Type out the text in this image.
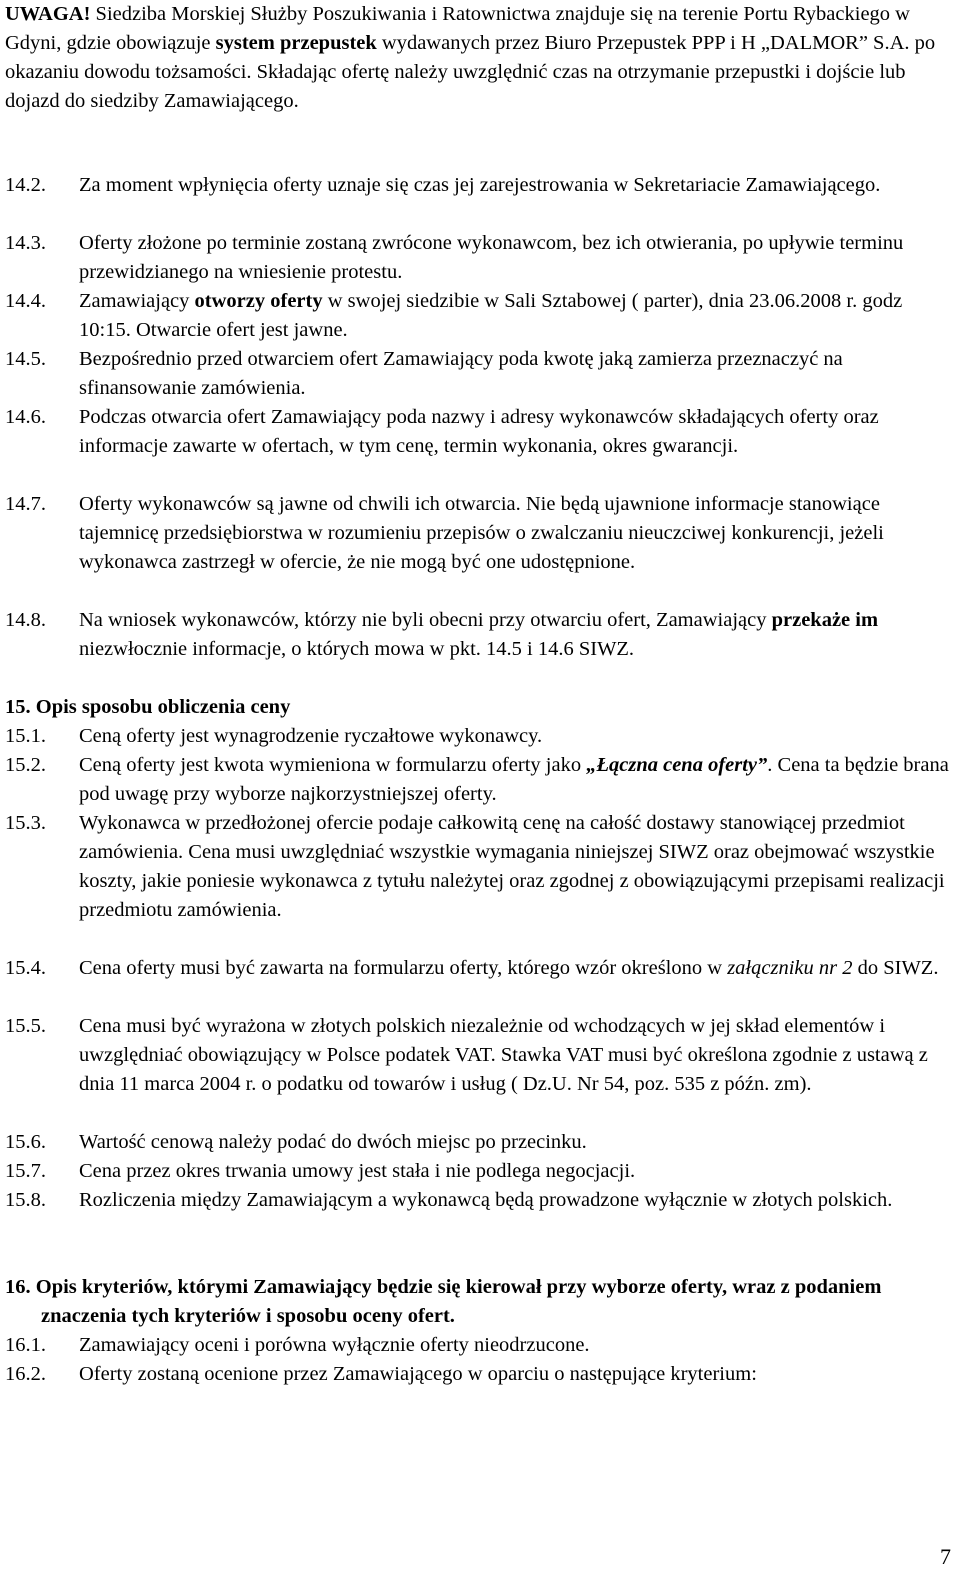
UWAGA! Siedziba Morskiej Służby Poszukiwania i Ratownictwa znajduje się na terenie Portu Rybackiego w Gdyni, gdzie obowiązuje system przepustek wydawanych przez Biuro Przepustek PPP i H „DALMOR” S.A. po okazaniu dowodu tożsamości. Składając ofertę należy uwzględnić czas na otrzymanie przepustki i dojście lub dojazd do siedziby Zamawiającego.

14.2. Za moment wpłynięcia oferty uznaje się czas jej zarejestrowania w Sekretariacie Zamawiającego.
14.3. Oferty złożone po terminie zostaną zwrócone wykonawcom, bez ich otwierania, po upływie terminu przewidzianego na wniesienie protestu.
14.4. Zamawiający otworzy oferty w swojej siedzibie w Sali Sztabowej ( parter), dnia 23.06.2008 r. godz 10:15. Otwarcie ofert jest jawne.
14.5. Bezpośrednio przed otwarciem ofert Zamawiający poda kwotę jaką zamierza przeznaczyć na sfinansowanie zamówienia.
14.6. Podczas otwarcia ofert Zamawiający poda nazwy i adresy wykonawców składających oferty oraz informacje zawarte w ofertach, w tym cenę, termin wykonania, okres gwarancji.
14.7. Oferty wykonawców są jawne od chwili ich otwarcia. Nie będą ujawnione informacje stanowiące tajemnicę przedsiębiorstwa w rozumieniu przepisów o zwalczaniu nieuczciwej konkurencji, jeżeli wykonawca zastrzegł w ofercie, że nie mogą być one udostępnione.
14.8. Na wniosek wykonawców, którzy nie byli obecni przy otwarciu ofert, Zamawiający przekaże im niezwłocznie informacje, o których mowa w pkt. 14.5 i 14.6 SIWZ.
15. Opis sposobu obliczenia ceny
15.1. Ceną oferty jest wynagrodzenie ryczałtowe wykonawcy.
15.2. Ceną oferty jest kwota wymieniona w formularzu oferty jako „Łączna cena oferty”. Cena ta będzie brana pod uwagę przy wyborze najkorzystniejszej oferty.
15.3. Wykonawca w przedłożonej ofercie podaje całkowitą cenę na całość dostawy stanowiącej przedmiot zamówienia. Cena musi uwzględniać wszystkie wymagania niniejszej SIWZ oraz obejmować wszystkie koszty, jakie poniesie wykonawca z tytułu należytej oraz zgodnej z obowiązującymi przepisami realizacji przedmiotu zamówienia.
15.4. Cena oferty musi być zawarta na formularzu oferty, którego wzór określono w załączniku nr 2 do SIWZ.
15.5. Cena musi być wyrażona w złotych polskich niezależnie od wchodzących w jej skład elementów i uwzględniać obowiązujący w Polsce podatek VAT. Stawka VAT musi być określona zgodnie z ustawą z dnia 11 marca 2004 r. o podatku od towarów i usług ( Dz.U. Nr 54, poz. 535 z późn. zm).
15.6. Wartość cenową należy podać do dwóch miejsc po przecinku.
15.7. Cena przez okres trwania umowy jest stała i nie podlega negocjacji.
15.8. Rozliczenia między Zamawiającym a wykonawcą będą prowadzone wyłącznie w złotych polskich.
16. Opis kryteriów, którymi Zamawiający będzie się kierował przy wyborze oferty, wraz z podaniem znaczenia tych kryteriów i sposobu oceny ofert.
16.1. Zamawiający oceni i porówna wyłącznie oferty nieodrzucone.
16.2. Oferty zostaną ocenione przez Zamawiającego w oparciu o następujące kryterium:
7
